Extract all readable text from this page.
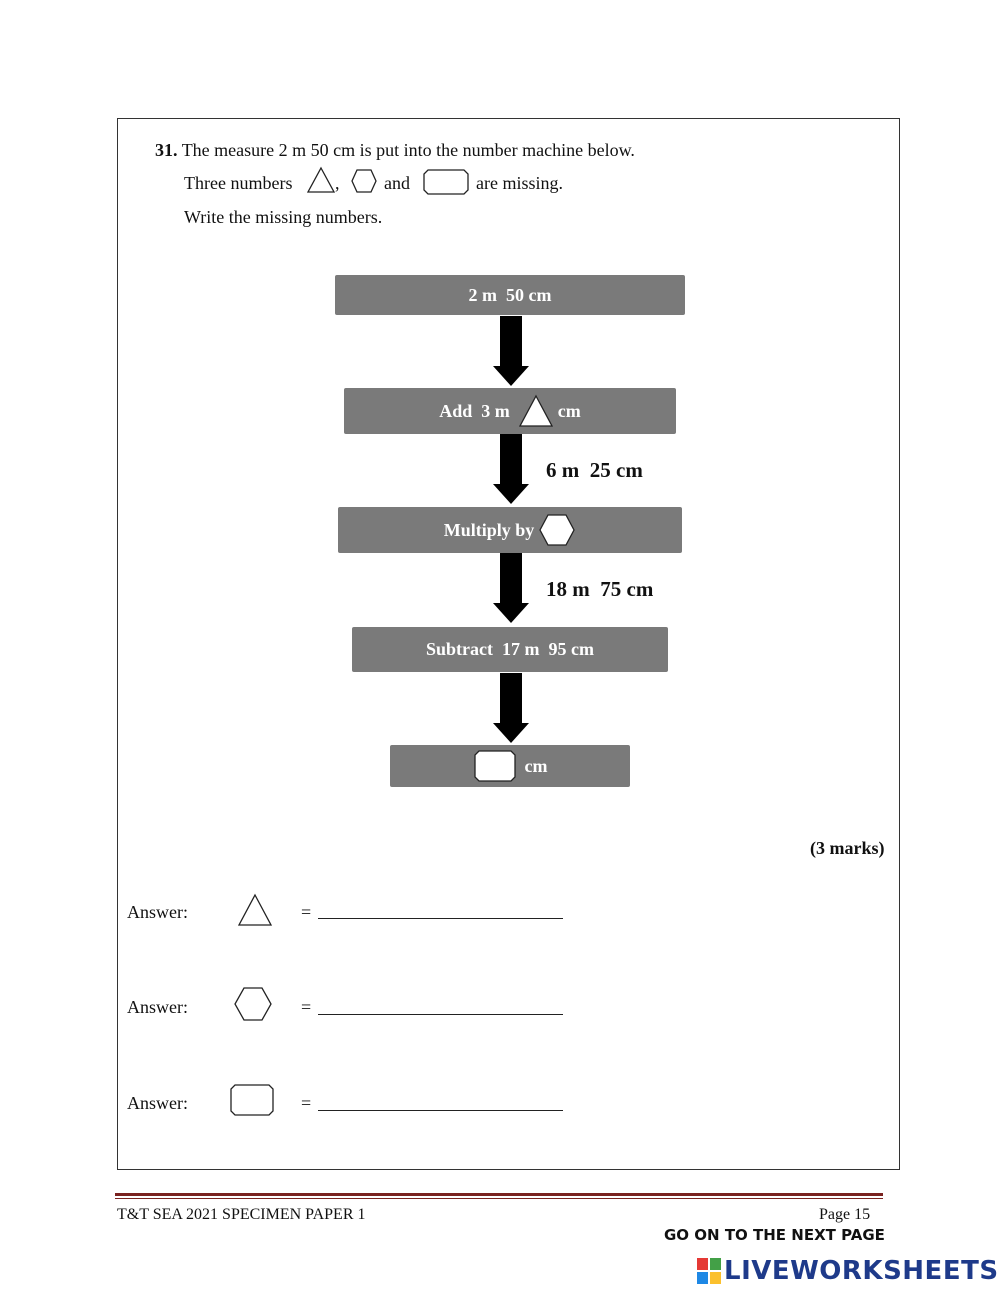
31. The measure 2 m 50 cm is put into the number machine below.
Three numbers , and	are missing.
Write the missing numbers.
2 m  50 cm
Add  3 m	cm
6 m  25 cm
Multiply by
18 m  75 cm
Subtract  17 m  95 cm
cm
(3 marks)
Answer:	=
Answer:	=
Answer:	=
T&T SEA 2021 SPECIMEN PAPER 1	Page 15
GO ON TO THE NEXT PAGE
LIVEWORKSHEETS
